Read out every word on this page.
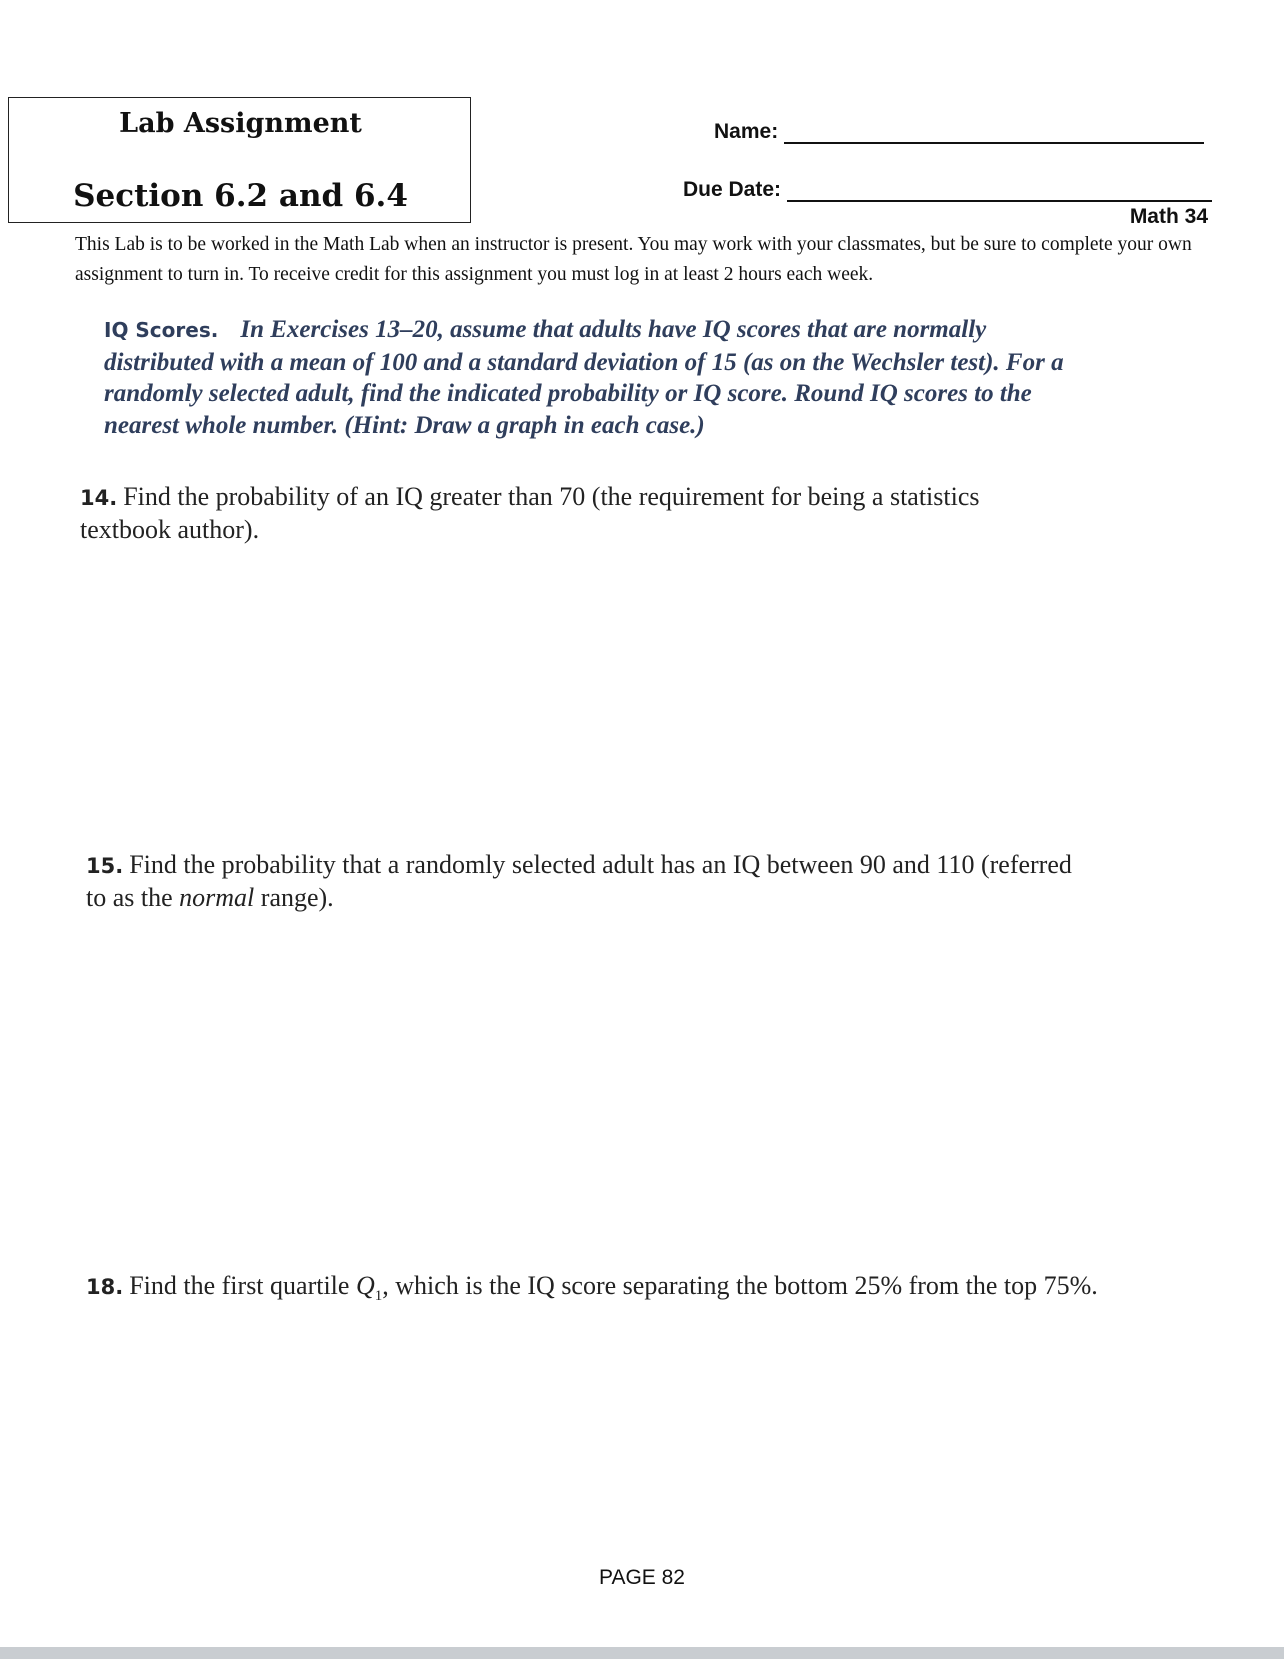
Lab Assignment
Section 6.2 and 6.4
Name:
Due Date:
Math 34
This Lab is to be worked in the Math Lab when an instructor is present. You may work with your classmates, but be sure to complete your own assignment to turn in. To receive credit for this assignment you must log in at least 2 hours each week.
IQ Scores. In Exercises 13–20, assume that adults have IQ scores that are normally distributed with a mean of 100 and a standard deviation of 15 (as on the Wechsler test). For a randomly selected adult, find the indicated probability or IQ score. Round IQ scores to the nearest whole number. (Hint: Draw a graph in each case.)
14. Find the probability of an IQ greater than 70 (the requirement for being a statistics textbook author).
15. Find the probability that a randomly selected adult has an IQ between 90 and 110 (referred to as the normal range).
18. Find the first quartile $Q_1$, which is the IQ score separating the bottom 25% from the top 75%.
PAGE 82
